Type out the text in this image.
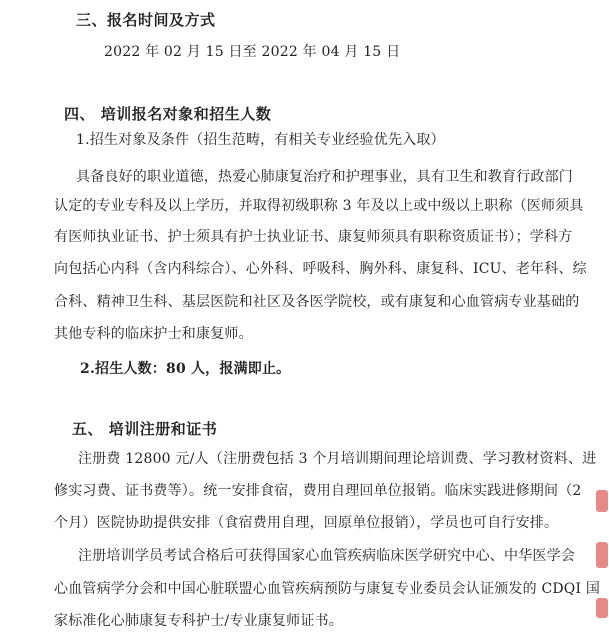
三、报名时间及方式
2022 年 02 月 15 日至 2022 年 04 月 15 日
四、 培训报名对象和招生人数
1.招生对象及条件（招生范畴，有相关专业经验优先入取）
具备良好的职业道德，热爱心肺康复治疗和护理事业，具有卫生和教育行政部门
认定的专业专科及以上学历，并取得初级职称 3 年及以上或中级以上职称（医师须具
有医师执业证书、护士须具有护士执业证书、康复师须具有职称资质证书）；学科方
向包括心内科（含内科综合）、心外科、呼吸科、胸外科、康复科、ICU、老年科、综
合科、精神卫生科、基层医院和社区及各医学院校，或有康复和心血管病专业基础的
其他专科的临床护士和康复师。
2.招生人数：80 人，报满即止。
五、 培训注册和证书
注册费 12800 元/人（注册费包括 3 个月培训期间理论培训费、学习教材资料、进
修实习费、证书费等）。统一安排食宿，费用自理回单位报销。临床实践进修期间（2
个月）医院协助提供安排（食宿费用自理，回原单位报销），学员也可自行安排。
注册培训学员考试合格后可获得国家心血管疾病临床医学研究中心、中华医学会
心血管病学分会和中国心脏联盟心血管疾病预防与康复专业委员会认证颁发的 CDQI 国
家标准化心肺康复专科护士/专业康复师证书。
